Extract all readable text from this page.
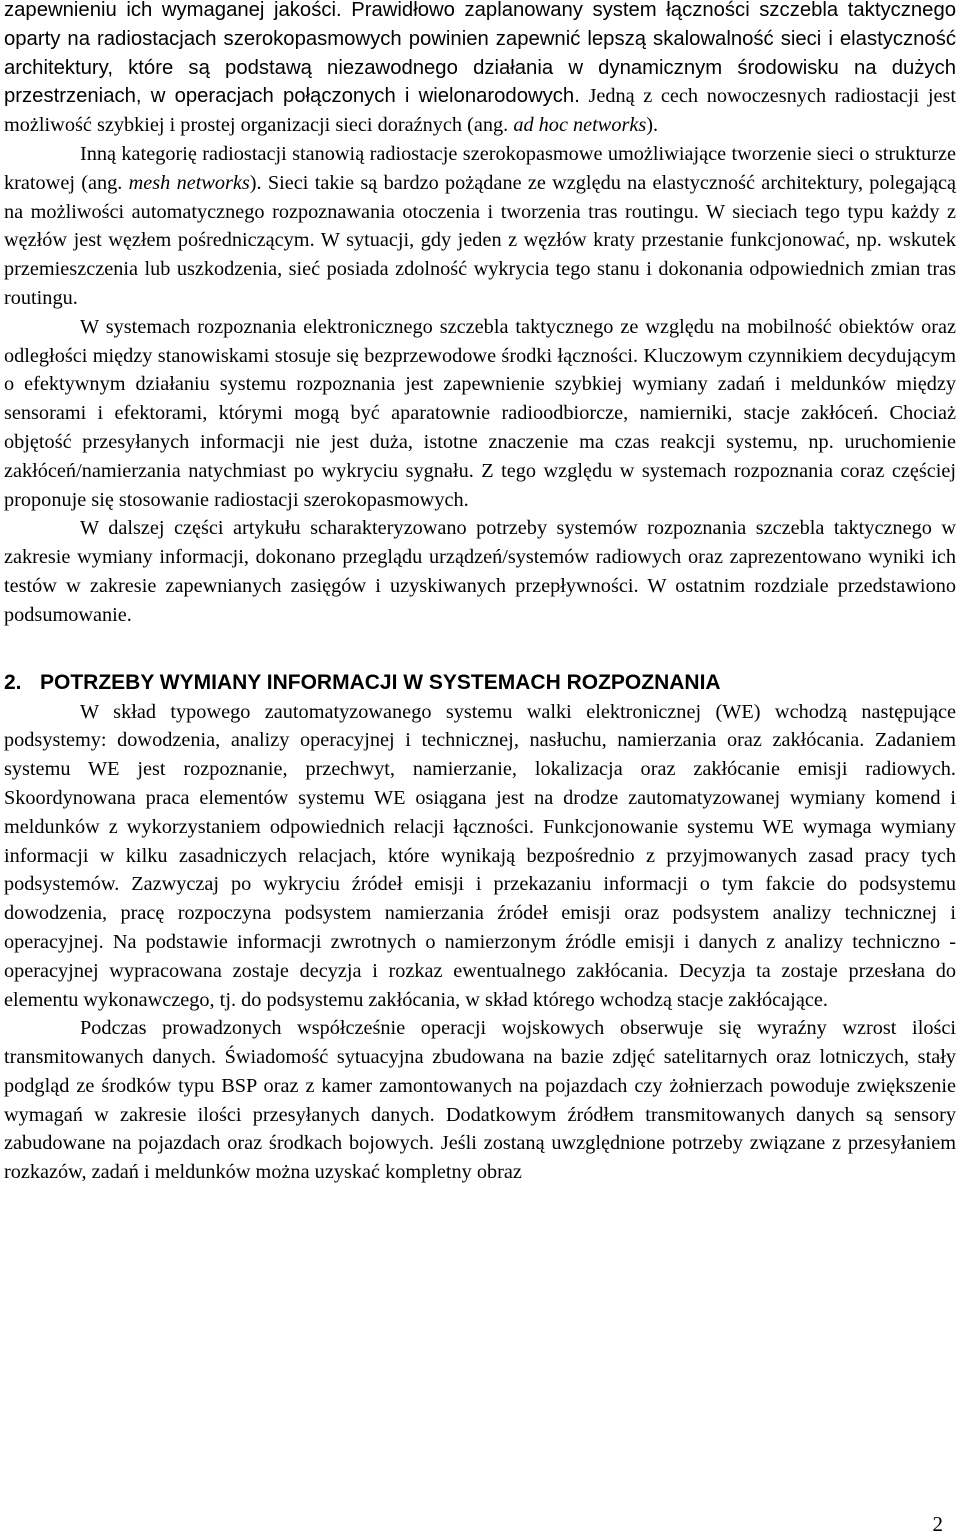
zapewnieniu ich wymaganej jakości. Prawidłowo zaplanowany system łączności szczebla taktycznego oparty na radiostacjach szerokopasmowych powinien zapewnić lepszą skalowalność sieci i elastyczność architektury, które są podstawą niezawodnego działania w dynamicznym środowisku na dużych przestrzeniach, w operacjach połączonych i wielonarodowych. Jedną z cech nowoczesnych radiostacji jest możliwość szybkiej i prostej organizacji sieci doraźnych (ang. ad hoc networks).

Inną kategorię radiostacji stanowią radiostacje szerokopasmowe umożliwiające tworzenie sieci o strukturze kratowej (ang. mesh networks). Sieci takie są bardzo pożądane ze względu na elastyczność architektury, polegającą na możliwości automatycznego rozpoznawania otoczenia i tworzenia tras routingu. W sieciach tego typu każdy z węzłów jest węzłem pośredniczącym. W sytuacji, gdy jeden z węzłów kraty przestanie funkcjonować, np. wskutek przemieszczenia lub uszkodzenia, sieć posiada zdolność wykrycia tego stanu i dokonania odpowiednich zmian tras routingu.

W systemach rozpoznania elektronicznego szczebla taktycznego ze względu na mobilność obiektów oraz odległości między stanowiskami stosuje się bezprzewodowe środki łączności. Kluczowym czynnikiem decydującym o efektywnym działaniu systemu rozpoznania jest zapewnienie szybkiej wymiany zadań i meldunków między sensorami i efektorami, którymi mogą być aparatownie radioodbiorcze, namierniki, stacje zakłóceń. Chociaż objętość przesyłanych informacji nie jest duża, istotne znaczenie ma czas reakcji systemu, np. uruchomienie zakłóceń/namierzania natychmiast po wykryciu sygnału. Z tego względu w systemach rozpoznania coraz częściej proponuje się stosowanie radiostacji szerokopasmowych.

W dalszej części artykułu scharakteryzowano potrzeby systemów rozpoznania szczebla taktycznego w zakresie wymiany informacji, dokonano przeglądu urządzeń/systemów radiowych oraz zaprezentowano wyniki ich testów w zakresie zapewnianych zasięgów i uzyskiwanych przepływności. W ostatnim rozdziale przedstawiono podsumowanie.

2. POTRZEBY WYMIANY INFORMACJI W SYSTEMACH ROZPOZNANIA

W skład typowego zautomatyzowanego systemu walki elektronicznej (WE) wchodzą następujące podsystemy: dowodzenia, analizy operacyjnej i technicznej, nasłuchu, namierzania oraz zakłócania. Zadaniem systemu WE jest rozpoznanie, przechwyt, namierzanie, lokalizacja oraz zakłócanie emisji radiowych. Skoordynowana praca elementów systemu WE osiągana jest na drodze zautomatyzowanej wymiany komend i meldunków z wykorzystaniem odpowiednich relacji łączności. Funkcjonowanie systemu WE wymaga wymiany informacji w kilku zasadniczych relacjach, które wynikają bezpośrednio z przyjmowanych zasad pracy tych podsystemów. Zazwyczaj po wykryciu źródeł emisji i przekazaniu informacji o tym fakcie do podsystemu dowodzenia, pracę rozpoczyna podsystem namierzania źródeł emisji oraz podsystem analizy technicznej i operacyjnej. Na podstawie informacji zwrotnych o namierzonym źródle emisji i danych z analizy techniczno - operacyjnej wypracowana zostaje decyzja i rozkaz ewentualnego zakłócania. Decyzja ta zostaje przesłana do elementu wykonawczego, tj. do podsystemu zakłócania, w skład którego wchodzą stacje zakłócające.

Podczas prowadzonych współcześnie operacji wojskowych obserwuje się wyraźny wzrost ilości transmitowanych danych. Świadomość sytuacyjna zbudowana na bazie zdjęć satelitarnych oraz lotniczych, stały podgląd ze środków typu BSP oraz z kamer zamontowanych na pojazdach czy żołnierzach powoduje zwiększenie wymagań w zakresie ilości przesyłanych danych. Dodatkowym źródłem transmitowanych danych są sensory zabudowane na pojazdach oraz środkach bojowych. Jeśli zostaną uwzględnione potrzeby związane z przesyłaniem rozkazów, zadań i meldunków można uzyskać kompletny obraz

2
